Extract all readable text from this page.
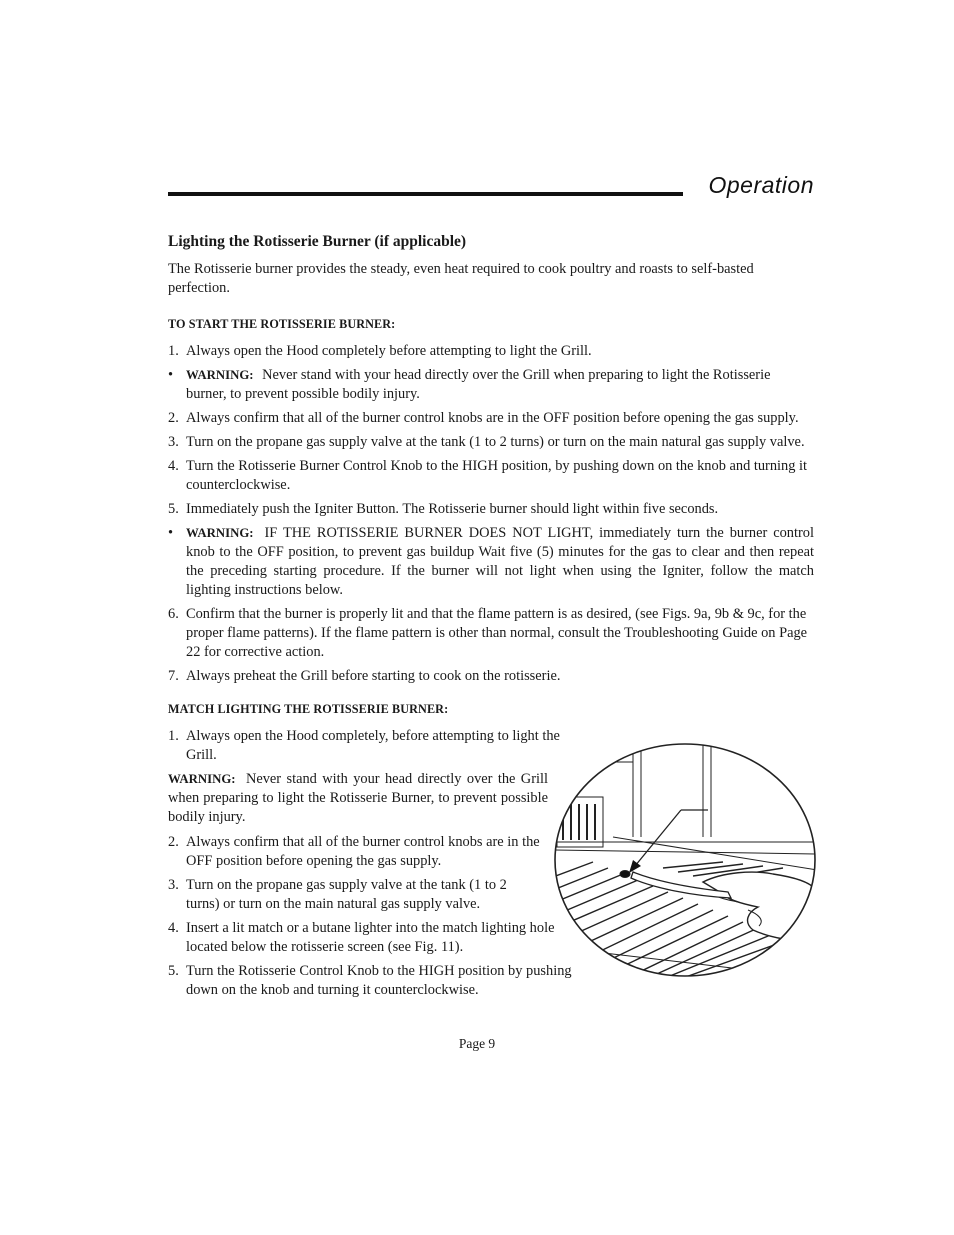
Operation
Lighting the Rotisserie Burner (if applicable)

The Rotisserie burner provides the steady, even heat required to cook poultry and roasts to self-basted perfection.

TO START THE ROTISSERIE BURNER:
1. Always open the Hood completely before attempting to light the Grill.
• WARNING: Never stand with your head directly over the Grill when preparing to light the Rotisserie burner, to prevent possible bodily injury.
2. Always confirm that all of the burner control knobs are in the OFF position before opening the gas supply.
3. Turn on the propane gas supply valve at the tank (1 to 2 turns) or turn on the main natural gas supply valve.
4. Turn the Rotisserie Burner Control Knob to the HIGH position, by pushing down on the knob and turning it counterclockwise.
5. Immediately push the Igniter Button. The Rotisserie burner should light within five seconds.
• WARNING: IF THE ROTISSERIE BURNER DOES NOT LIGHT, immediately turn the burner control knob to the OFF position, to prevent gas buildup Wait five (5) minutes for the gas to clear and then repeat the preceding starting procedure. If the burner will not light when using the Igniter, follow the match lighting instructions below.
6. Confirm that the burner is properly lit and that the flame pattern is as desired, (see Figs. 9a, 9b & 9c, for the proper flame patterns). If the flame pattern is other than normal, consult the Troubleshooting Guide on Page 22 for corrective action.
7. Always preheat the Grill before starting to cook on the rotisserie.
MATCH LIGHTING THE ROTISSERIE BURNER:
1. Always open the Hood completely, before attempting to light the Grill.
WARNING: Never stand with your head directly over the Grill when preparing to light the Rotisserie Burner, to prevent possible bodily injury.
2. Always confirm that all of the burner control knobs are in the OFF position before opening the gas supply.
3. Turn on the propane gas supply valve at the tank (1 to 2 turns) or turn on the main natural gas supply valve.
4. Insert a lit match or a butane lighter into the match lighting hole located below the rotisserie screen (see Fig. 11).
5. Turn the Rotisserie Control Knob to the HIGH position by pushing down on the knob and turning it counterclockwise.
Page 9
